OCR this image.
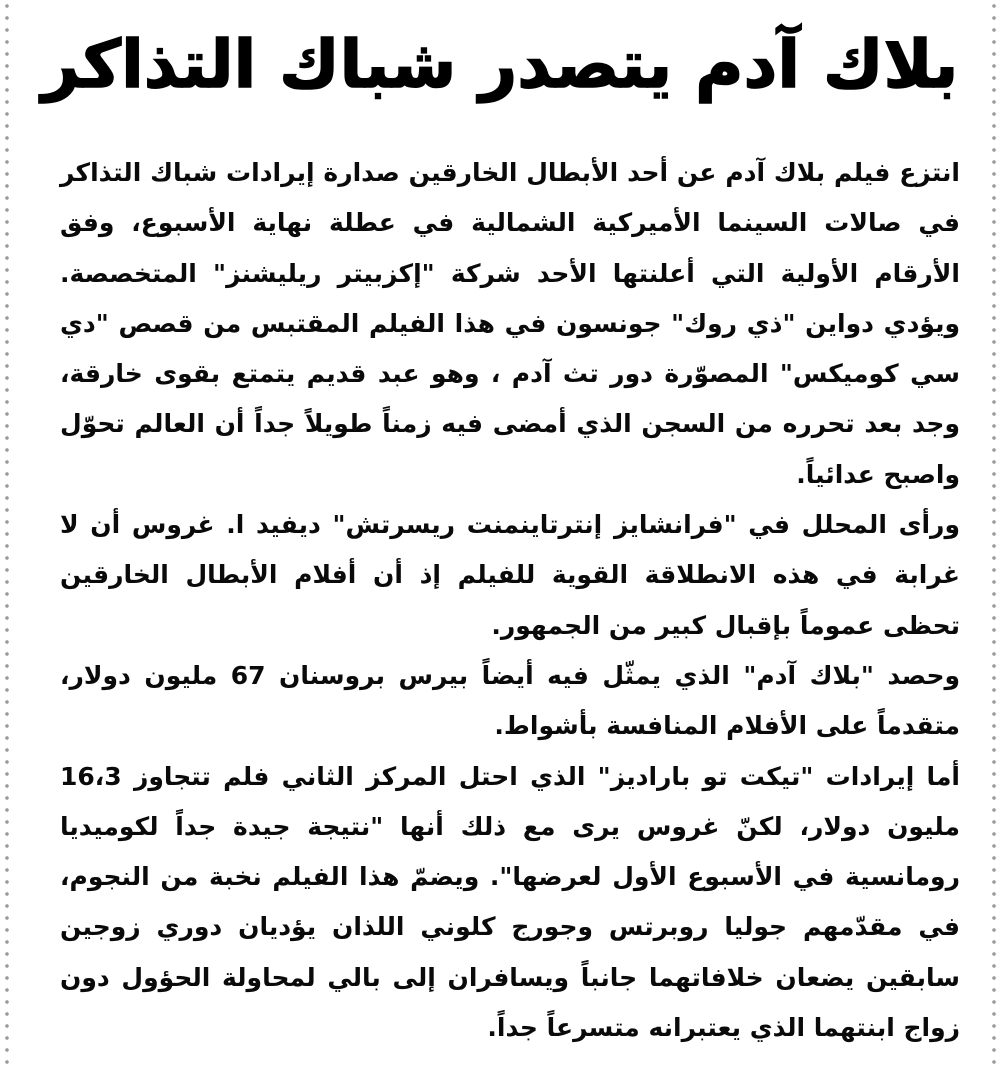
بلاك آدم يتصدر شباك التذاكر

انتزع فيلم بلاك آدم عن أحد الأبطال الخارقين صدارة إيرادات شباك التذاكر في صالات السينما الأميركية الشمالية في عطلة نهاية الأسبوع، وفق الأرقام الأولية التي أعلنتها الأحد شركة "إكزبيتر ريليشنز" المتخصصة. ويؤدي دواين "ذي روك" جونسون في هذا الفيلم المقتبس من قصص "دي سي كوميكس" المصوّرة دور تث آدم ، وهو عبد قديم يتمتع بقوى خارقة، وجد بعد تحرره من السجن الذي أمضى فيه زمناً طويلاً جداً أن العالم تحوّل واصبح عدائياً.

ورأى المحلل في "فرانشايز إنترتاينمنت ريسرتش" ديفيد ا. غروس أن لا غرابة في هذه الانطلاقة القوية للفيلم إذ أن أفلام الأبطال الخارقين تحظى عموماً بإقبال كبير من الجمهور.

وحصد "بلاك آدم" الذي يمثّل فيه أيضاً بيرس بروسنان 67 مليون دولار، متقدماً على الأفلام المنافسة بأشواط.

أما إيرادات "تيكت تو باراديز" الذي احتل المركز الثاني فلم تتجاوز 16،3 مليون دولار، لكنّ غروس يرى مع ذلك أنها "نتيجة جيدة جداً لكوميديا رومانسية في الأسبوع الأول لعرضها". ويضمّ هذا الفيلم نخبة من النجوم، في مقدّمهم جوليا روبرتس وجورج كلوني اللذان يؤديان دوري زوجين سابقين يضعان خلافاتهما جانباً ويسافران إلى بالي لمحاولة الحؤول دون زواج ابنتهما الذي يعتبرانه متسرعاً جداً.
